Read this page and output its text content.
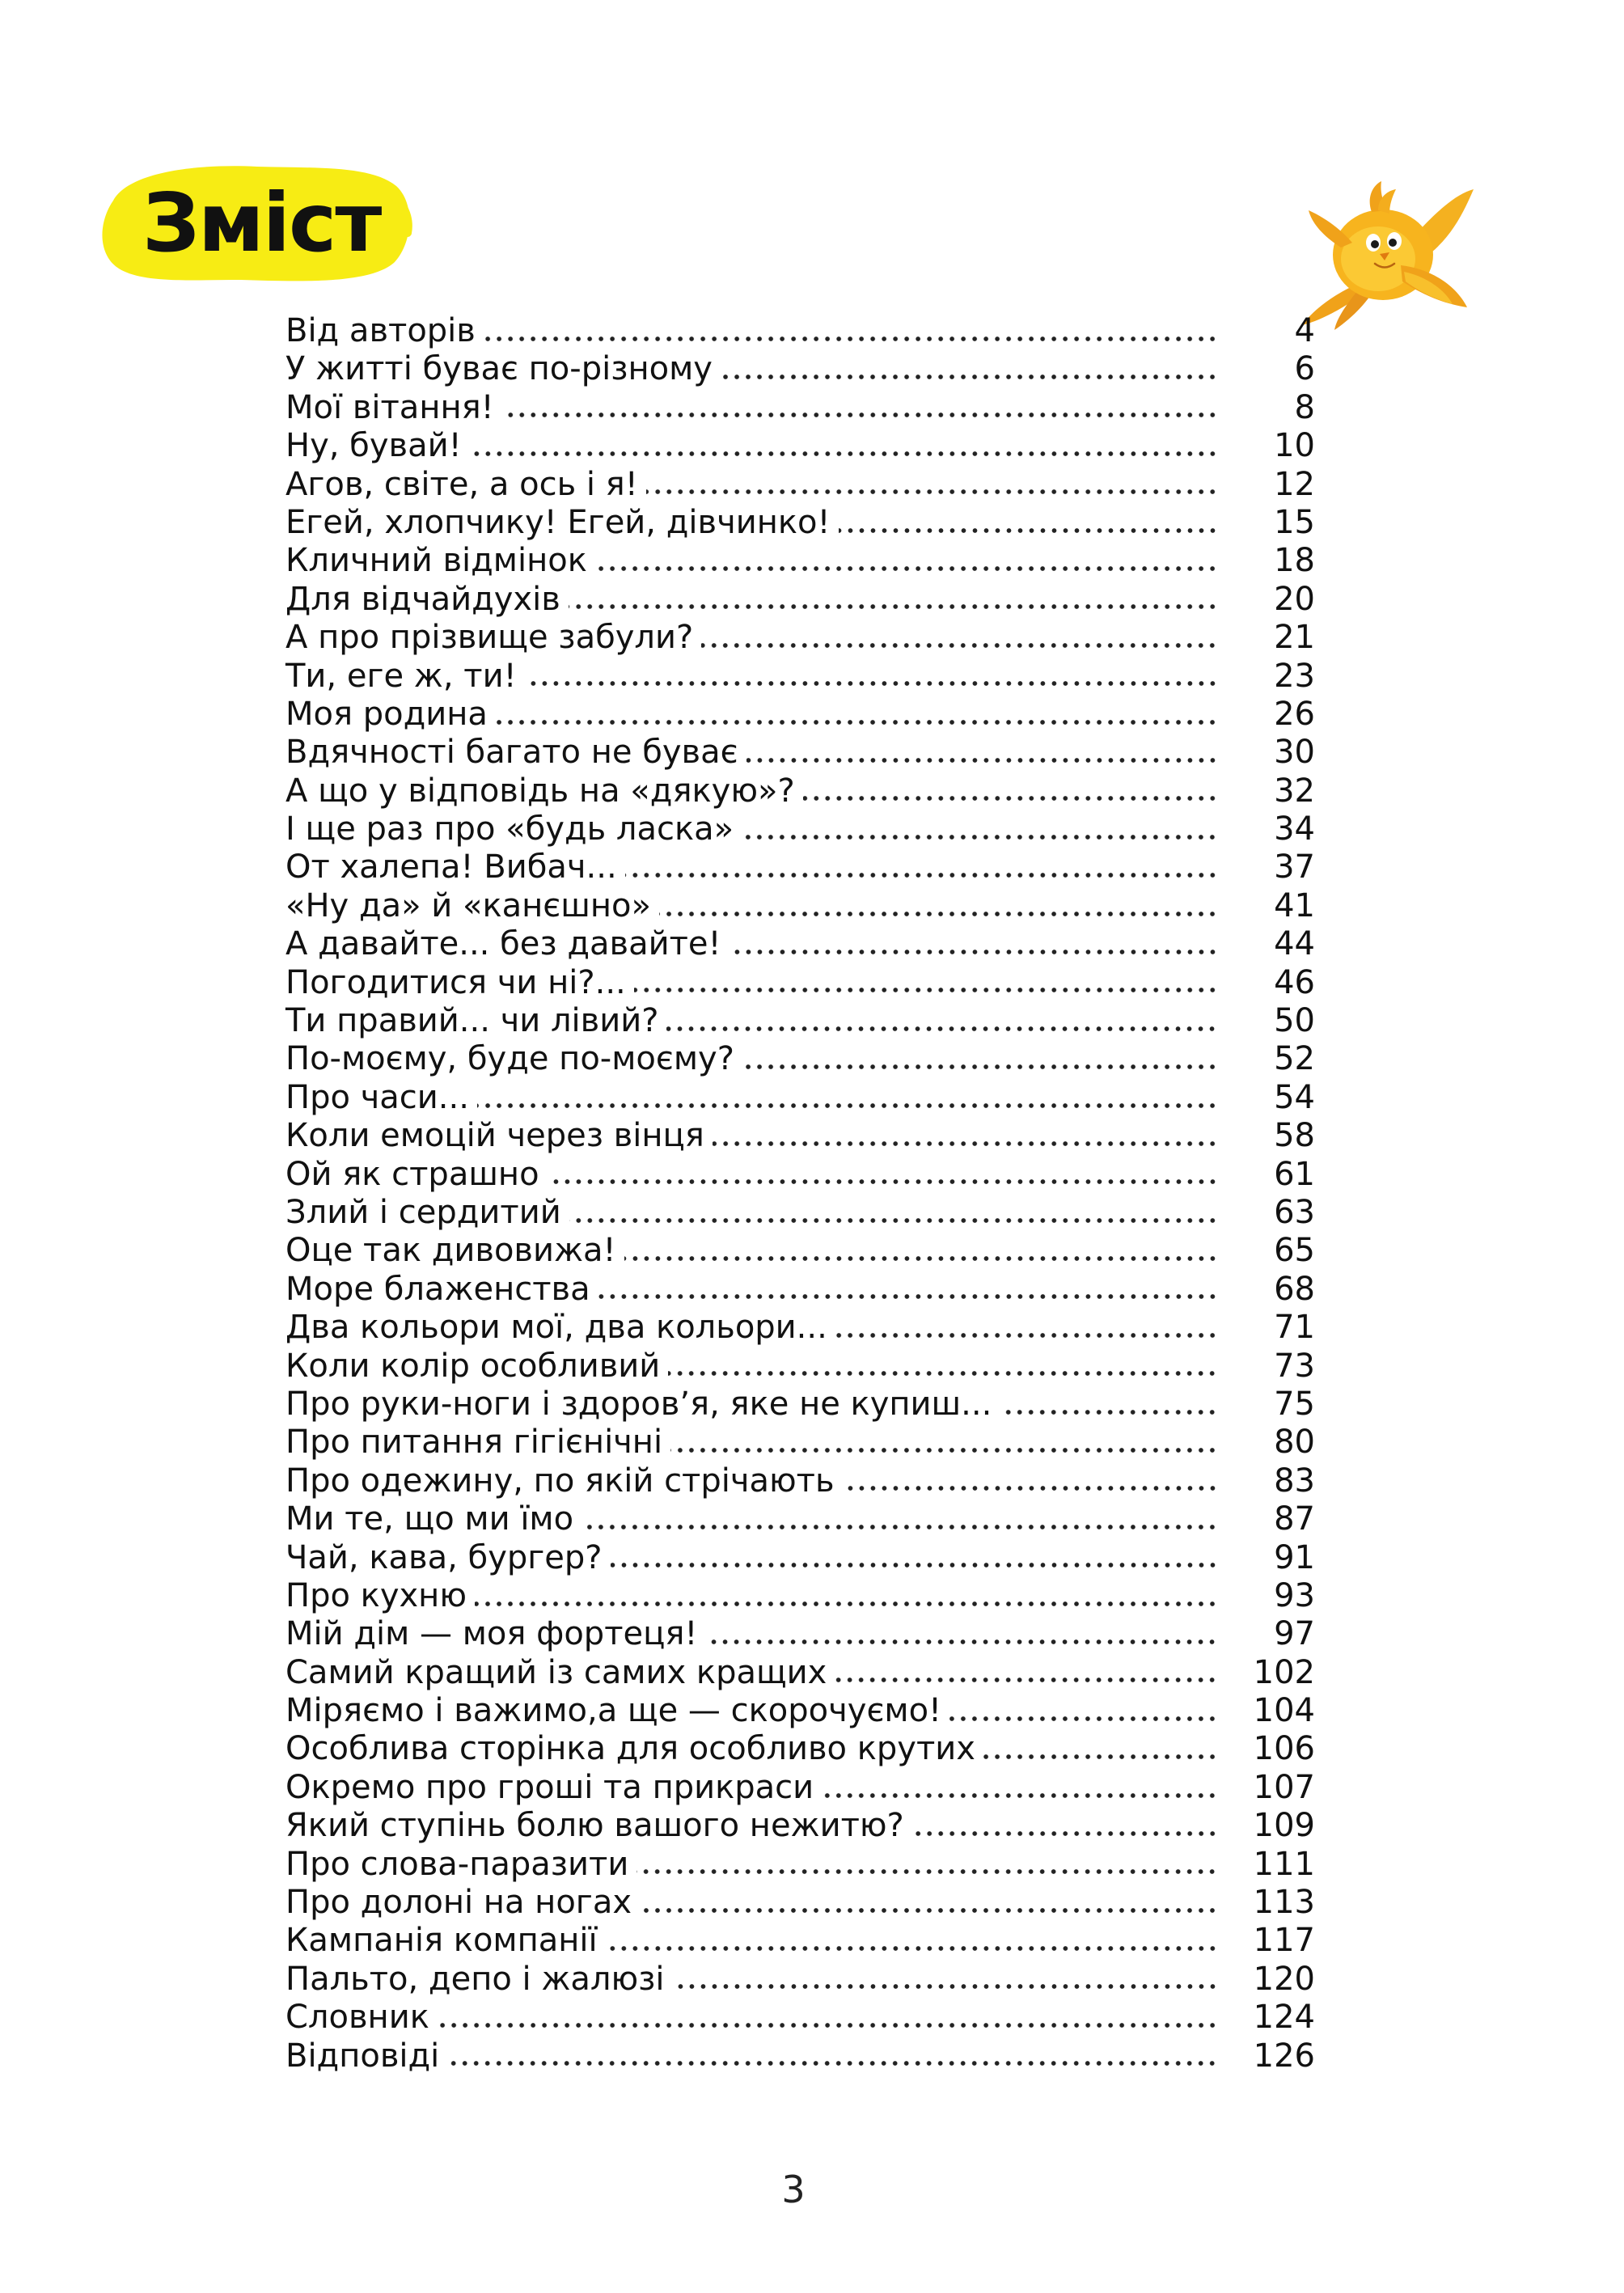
Зміст
Від авторів	4
У житті буває по-різному	6
Мої вітання!	8
Ну, бувай!	10
Агов, світе, а ось і я!	12
Егей, хлопчику! Егей, дівчинко!	15
Кличний відмінок	18
Для відчайдухів	20
А про прізвище забули?	21
Ти, еге ж, ти!	23
Моя родина	26
Вдячності багато не буває	30
А що у відповідь на «дякую»?	32
І ще раз про «будь ласка»	34
От халепа! Вибач...	37
«Ну да» й «канєшно»	41
А давайте... без давайте!	44
Погодитися чи ні?...	46
Ти правий... чи лівий?	50
По-моєму, буде по-моєму?	52
Про часи...	54
Коли емоцій через вінця	58
Ой як страшно	61
Злий і сердитий	63
Оце так дивовижа!	65
Море блаженства	68
Два кольори мої, два кольори...	71
Коли колір особливий	73
Про руки-ноги і здоров’я, яке не купиш...	75
Про питання гігієнічні	80
Про одежину, по якій стрічають	83
Ми те, що ми їмо	87
Чай, кава, бургер?	91
Про кухню	93
Мій дім — моя фортеця!	97
Самий кращий із самих кращих	102
Міряємо і важимо,а ще — скорочуємо!	104
Особлива сторінка для особливо крутих	106
Окремо про гроші та прикраси	107
Який ступінь болю вашого нежитю?	109
Про слова-паразити	111
Про долоні на ногах	113
Кампанія компанії	117
Пальто, депо і жалюзі	120
Словник	124
Відповіді	126
3
